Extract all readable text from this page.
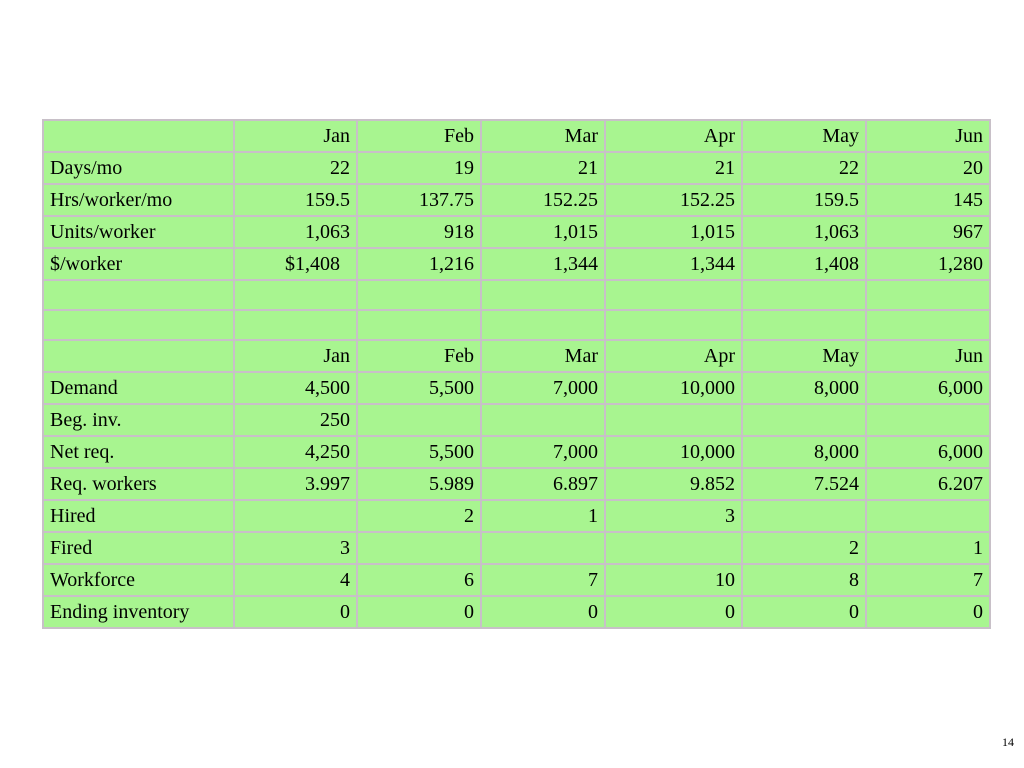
	Jan	Feb	Mar	Apr	May	Jun
Days/mo	22	19	21	21	22	20
Hrs/worker/mo	159.5	137.75	152.25	152.25	159.5	145
Units/worker	1,063	918	1,015	1,015	1,063	967
$/worker	$1,408	1,216	1,344	1,344	1,408	1,280

	Jan	Feb	Mar	Apr	May	Jun
Demand	4,500	5,500	7,000	10,000	8,000	6,000
Beg. inv.	250					
Net req.	4,250	5,500	7,000	10,000	8,000	6,000
Req. workers	3.997	5.989	6.897	9.852	7.524	6.207
Hired		2	1	3		
Fired	3				2	1
Workforce	4	6	7	10	8	7
Ending inventory	0	0	0	0	0	0
14
